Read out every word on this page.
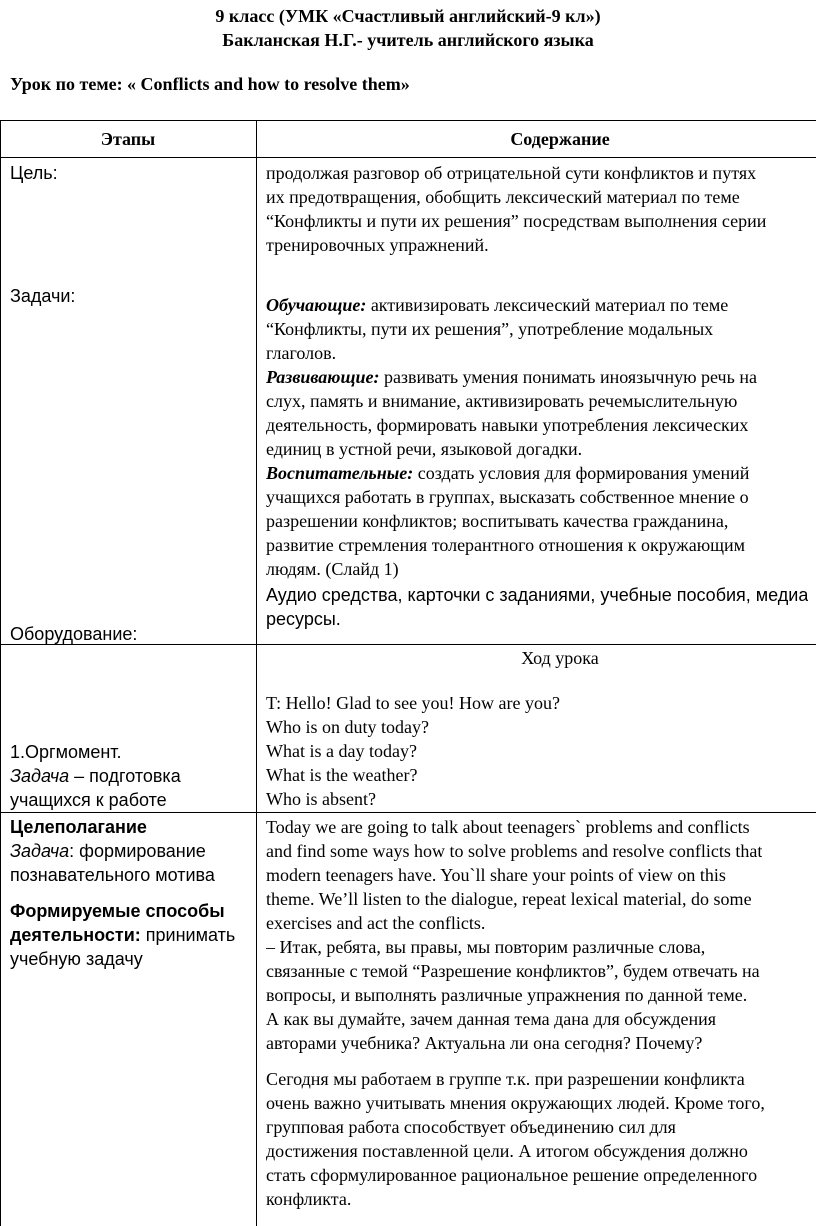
9 класс (УМК «Счастливый английский-9 кл»)
Бакланская Н.Г.- учитель английского языка
Урок по теме: « Conflicts and how to resolve them»
Этапы	Содержание
Цель:
Задачи:
Оборудование:
продолжая разговор об отрицательной сути конфликтов и путях
их предотвращения, обобщить лексический материал по теме
“Конфликты и пути их решения” посредствам выполнения серии
тренировочных упражнений.
Обучающие: активизировать лексический материал по теме
“Конфликты, пути их решения”, употребление модальных
глаголов.
Развивающие: развивать умения понимать иноязычную речь на
слух, память и внимание, активизировать речемыслительную
деятельность, формировать навыки употребления лексических
единиц в устной речи, языковой догадки.
Воспитательные: создать условия для формирования умений
учащихся работать в группах, высказать собственное мнение о
разрешении конфликтов; воспитывать качества гражданина,
развитие стремления толерантного отношения к окружающим
людям. (Слайд 1)
Аудио средства, карточки с заданиями, учебные пособия, медиа
ресурсы.
1.Оргмомент.
Задача – подготовка
учащихся к работе
Ход урока
T: Hello! Glad to see you! How are you?
Who is on duty today?
What is a day today?
What is the weather?
Who is absent?
Целеполагание
Задача: формирование
познавательного мотива
Формируемые способы
деятельности: принимать
учебную задачу
Today we are going to talk about teenagers` problems and conflicts
and find some ways how to solve problems and resolve conflicts that
modern teenagers have. You`ll share your points of view on this
theme. We’ll listen to the dialogue, repeat lexical material, do some
exercises and act the conflicts.
– Итак, ребята, вы правы, мы повторим различные слова,
связанные с темой “Разрешение конфликтов”, будем отвечать на
вопросы, и выполнять различные упражнения по данной теме.
А как вы думайте, зачем данная тема дана для обсуждения
авторами учебника? Актуальна ли она сегодня? Почему?
Сегодня мы работаем в группе т.к. при разрешении конфликта
очень важно учитывать мнения окружающих людей. Кроме того,
групповая работа способствует объединению сил для
достижения поставленной цели. А итогом обсуждения должно
стать сформулированное рациональное решение определенного
конфликта.
